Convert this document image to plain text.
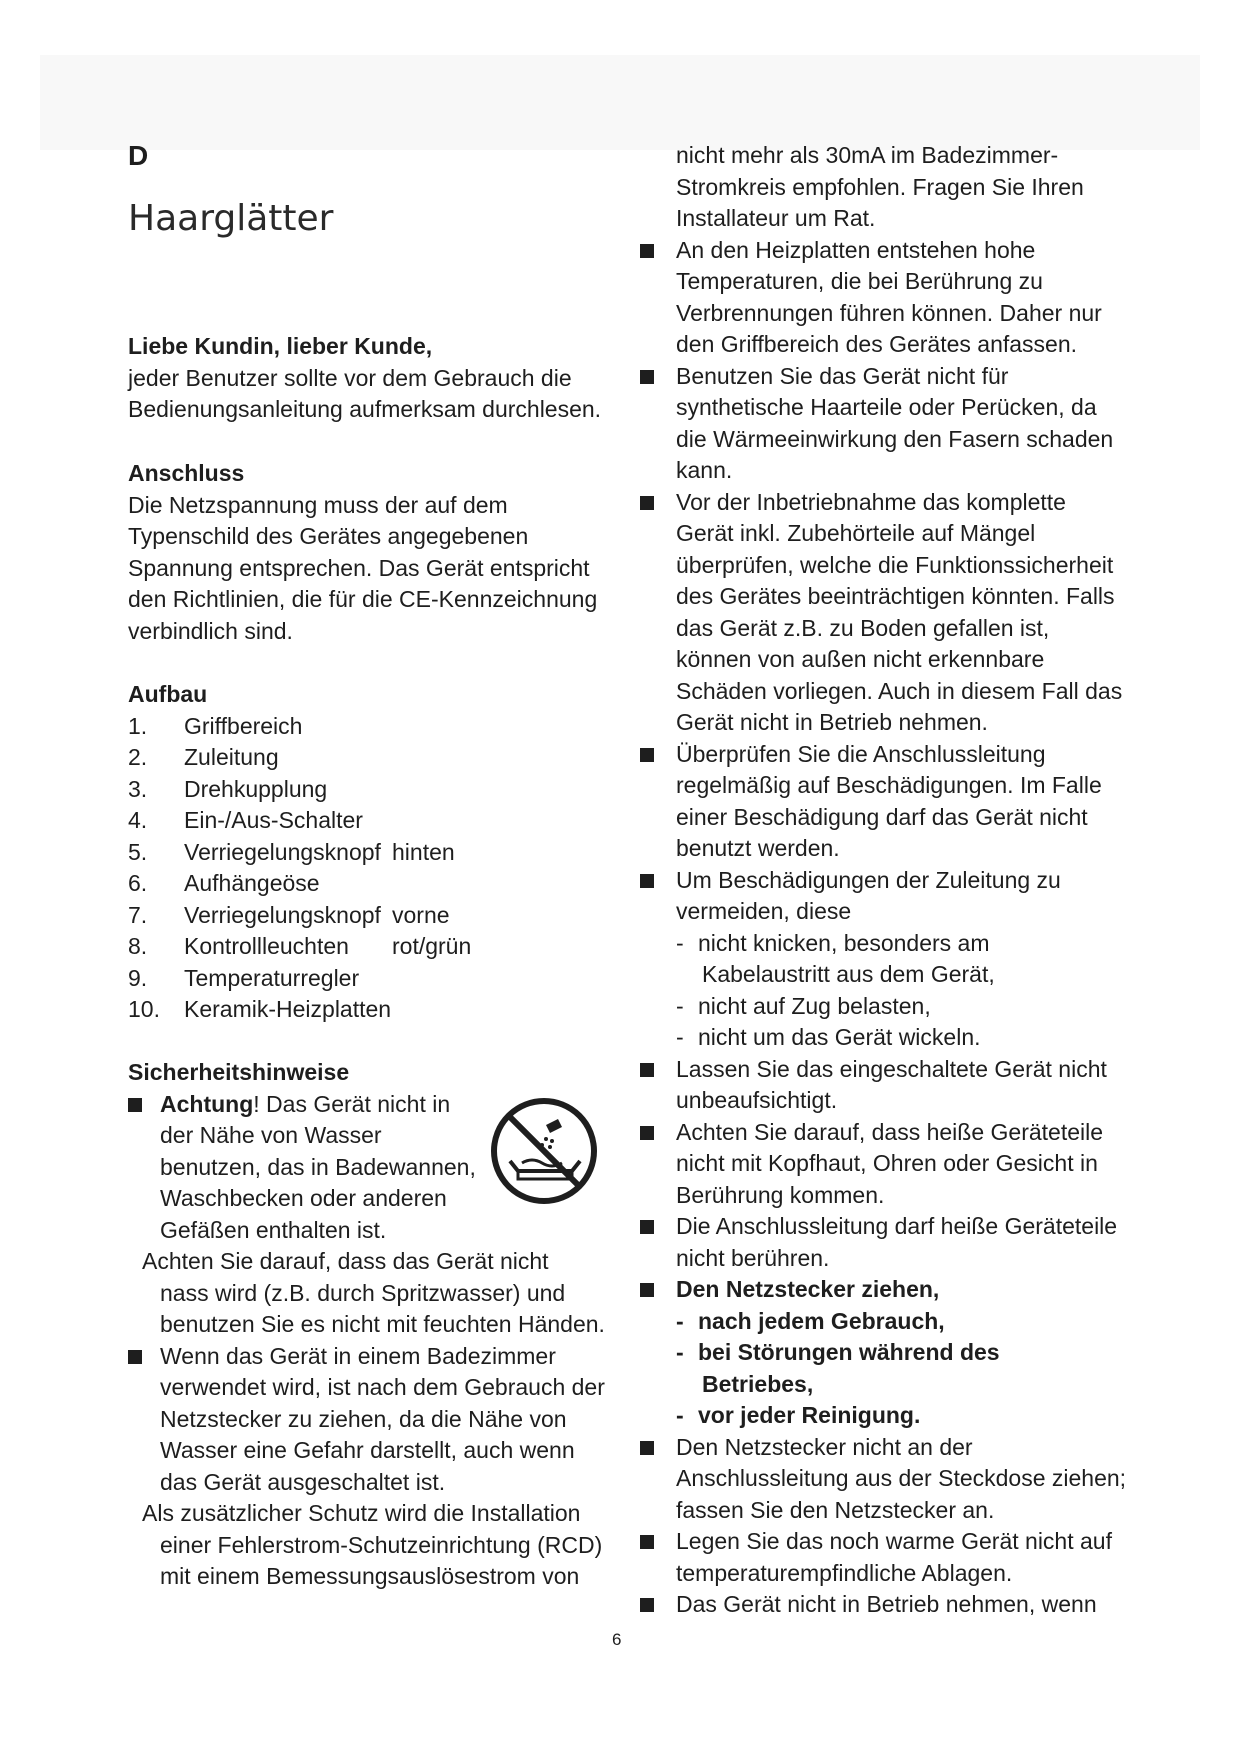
D
Haarglätter
Liebe Kundin, lieber Kunde,
jeder Benutzer sollte vor dem Gebrauch die
Bedienungsanleitung aufmerksam durchlesen.
Anschluss
Die Netzspannung muss der auf dem
Typenschild des Gerätes angegebenen
Spannung entsprechen. Das Gerät entspricht
den Richtlinien, die für die CE-Kennzeichnung
verbindlich sind.
Aufbau
1.	Griffbereich
2.	Zuleitung
3.	Drehkupplung
4.	Ein-/Aus-Schalter
5.	Verriegelungsknopf hinten
6.	Aufhängeöse
7.	Verriegelungsknopf vorne
8.	Kontrollleuchten	rot/grün
9.	Temperaturregler
10.	Keramik-Heizplatten
Sicherheitshinweise
Achtung! Das Gerät nicht in
der Nähe von Wasser
benutzen, das in Badewannen,
Waschbecken oder anderen
Gefäßen enthalten ist.
Achten Sie darauf, dass das Gerät nicht
nass wird (z.B. durch Spritzwasser) und
benutzen Sie es nicht mit feuchten Händen.
Wenn das Gerät in einem Badezimmer
verwendet wird, ist nach dem Gebrauch der
Netzstecker zu ziehen, da die Nähe von
Wasser eine Gefahr darstellt, auch wenn
das Gerät ausgeschaltet ist.
Als zusätzlicher Schutz wird die Installation
einer Fehlerstrom-Schutzeinrichtung (RCD)
mit einem Bemessungsauslösestrom von
nicht mehr als 30mA im Badezimmer-
Stromkreis empfohlen. Fragen Sie Ihren
Installateur um Rat.
An den Heizplatten entstehen hohe
Temperaturen, die bei Berührung zu
Verbrennungen führen können. Daher nur
den Griffbereich des Gerätes anfassen.
Benutzen Sie das Gerät nicht für
synthetische Haarteile oder Perücken, da
die Wärmeeinwirkung den Fasern schaden
kann.
Vor der Inbetriebnahme das komplette
Gerät inkl. Zubehörteile auf Mängel
überprüfen, welche die Funktionssicherheit
des Gerätes beeinträchtigen könnten. Falls
das Gerät z.B. zu Boden gefallen ist,
können von außen nicht erkennbare
Schäden vorliegen. Auch in diesem Fall das
Gerät nicht in Betrieb nehmen.
Überprüfen Sie die Anschlussleitung
regelmäßig auf Beschädigungen. Im Falle
einer Beschädigung darf das Gerät nicht
benutzt werden.
Um Beschädigungen der Zuleitung zu
vermeiden, diese
- nicht knicken, besonders am
Kabelaustritt aus dem Gerät,
- nicht auf Zug belasten,
- nicht um das Gerät wickeln.
Lassen Sie das eingeschaltete Gerät nicht
unbeaufsichtigt.
Achten Sie darauf, dass heiße Geräteteile
nicht mit Kopfhaut, Ohren oder Gesicht in
Berührung kommen.
Die Anschlussleitung darf heiße Geräteteile
nicht berühren.
Den Netzstecker ziehen,
- nach jedem Gebrauch,
- bei Störungen während des
Betriebes,
- vor jeder Reinigung.
Den Netzstecker nicht an der
Anschlussleitung aus der Steckdose ziehen;
fassen Sie den Netzstecker an.
Legen Sie das noch warme Gerät nicht auf
temperaturempfindliche Ablagen.
Das Gerät nicht in Betrieb nehmen, wenn
6
